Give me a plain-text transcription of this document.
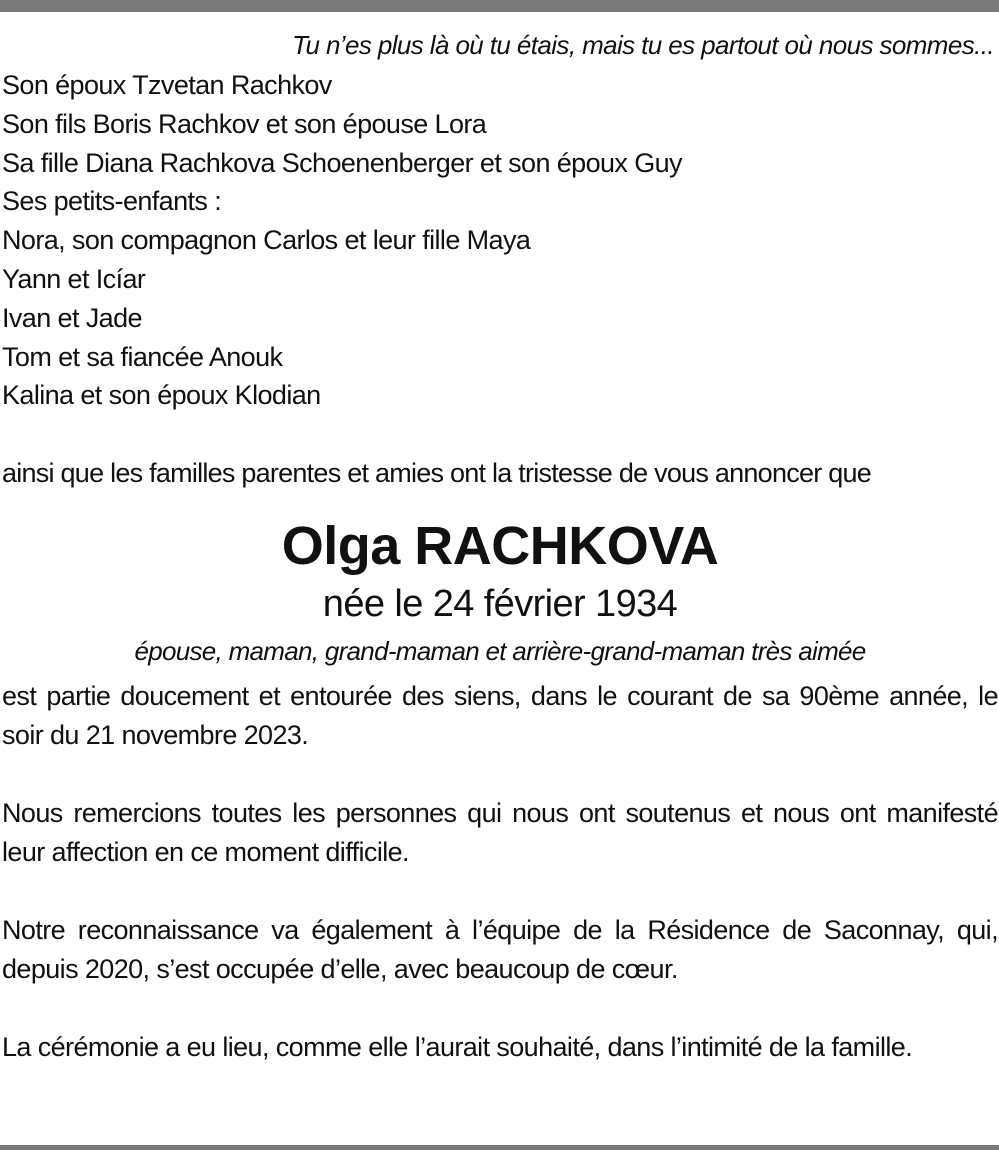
Tu n’es plus là où tu étais, mais tu es partout où nous sommes...
Son époux Tzvetan Rachkov
Son fils Boris Rachkov et son épouse Lora
Sa fille Diana Rachkova Schoenenberger et son époux Guy
Ses petits-enfants :
Nora, son compagnon Carlos et leur fille Maya
Yann et Icíar
Ivan et Jade
Tom et sa fiancée Anouk
Kalina et son époux Klodian
ainsi que les familles parentes et amies ont la tristesse de vous annoncer que
Olga RACHKOVA
née le 24 février 1934
épouse, maman, grand-maman et arrière-grand-maman très aimée

est partie doucement et entourée des siens, dans le courant de sa 90ème année, le soir du 21 novembre 2023.

Nous remercions toutes les personnes qui nous ont soutenus et nous ont manifesté leur affection en ce moment difficile.

Notre reconnaissance va également à l’équipe de la Résidence de Saconnay, qui, depuis 2020, s’est occupée d’elle, avec beaucoup de cœur.

La cérémonie a eu lieu, comme elle l’aurait souhaité, dans l’intimité de la famille.
